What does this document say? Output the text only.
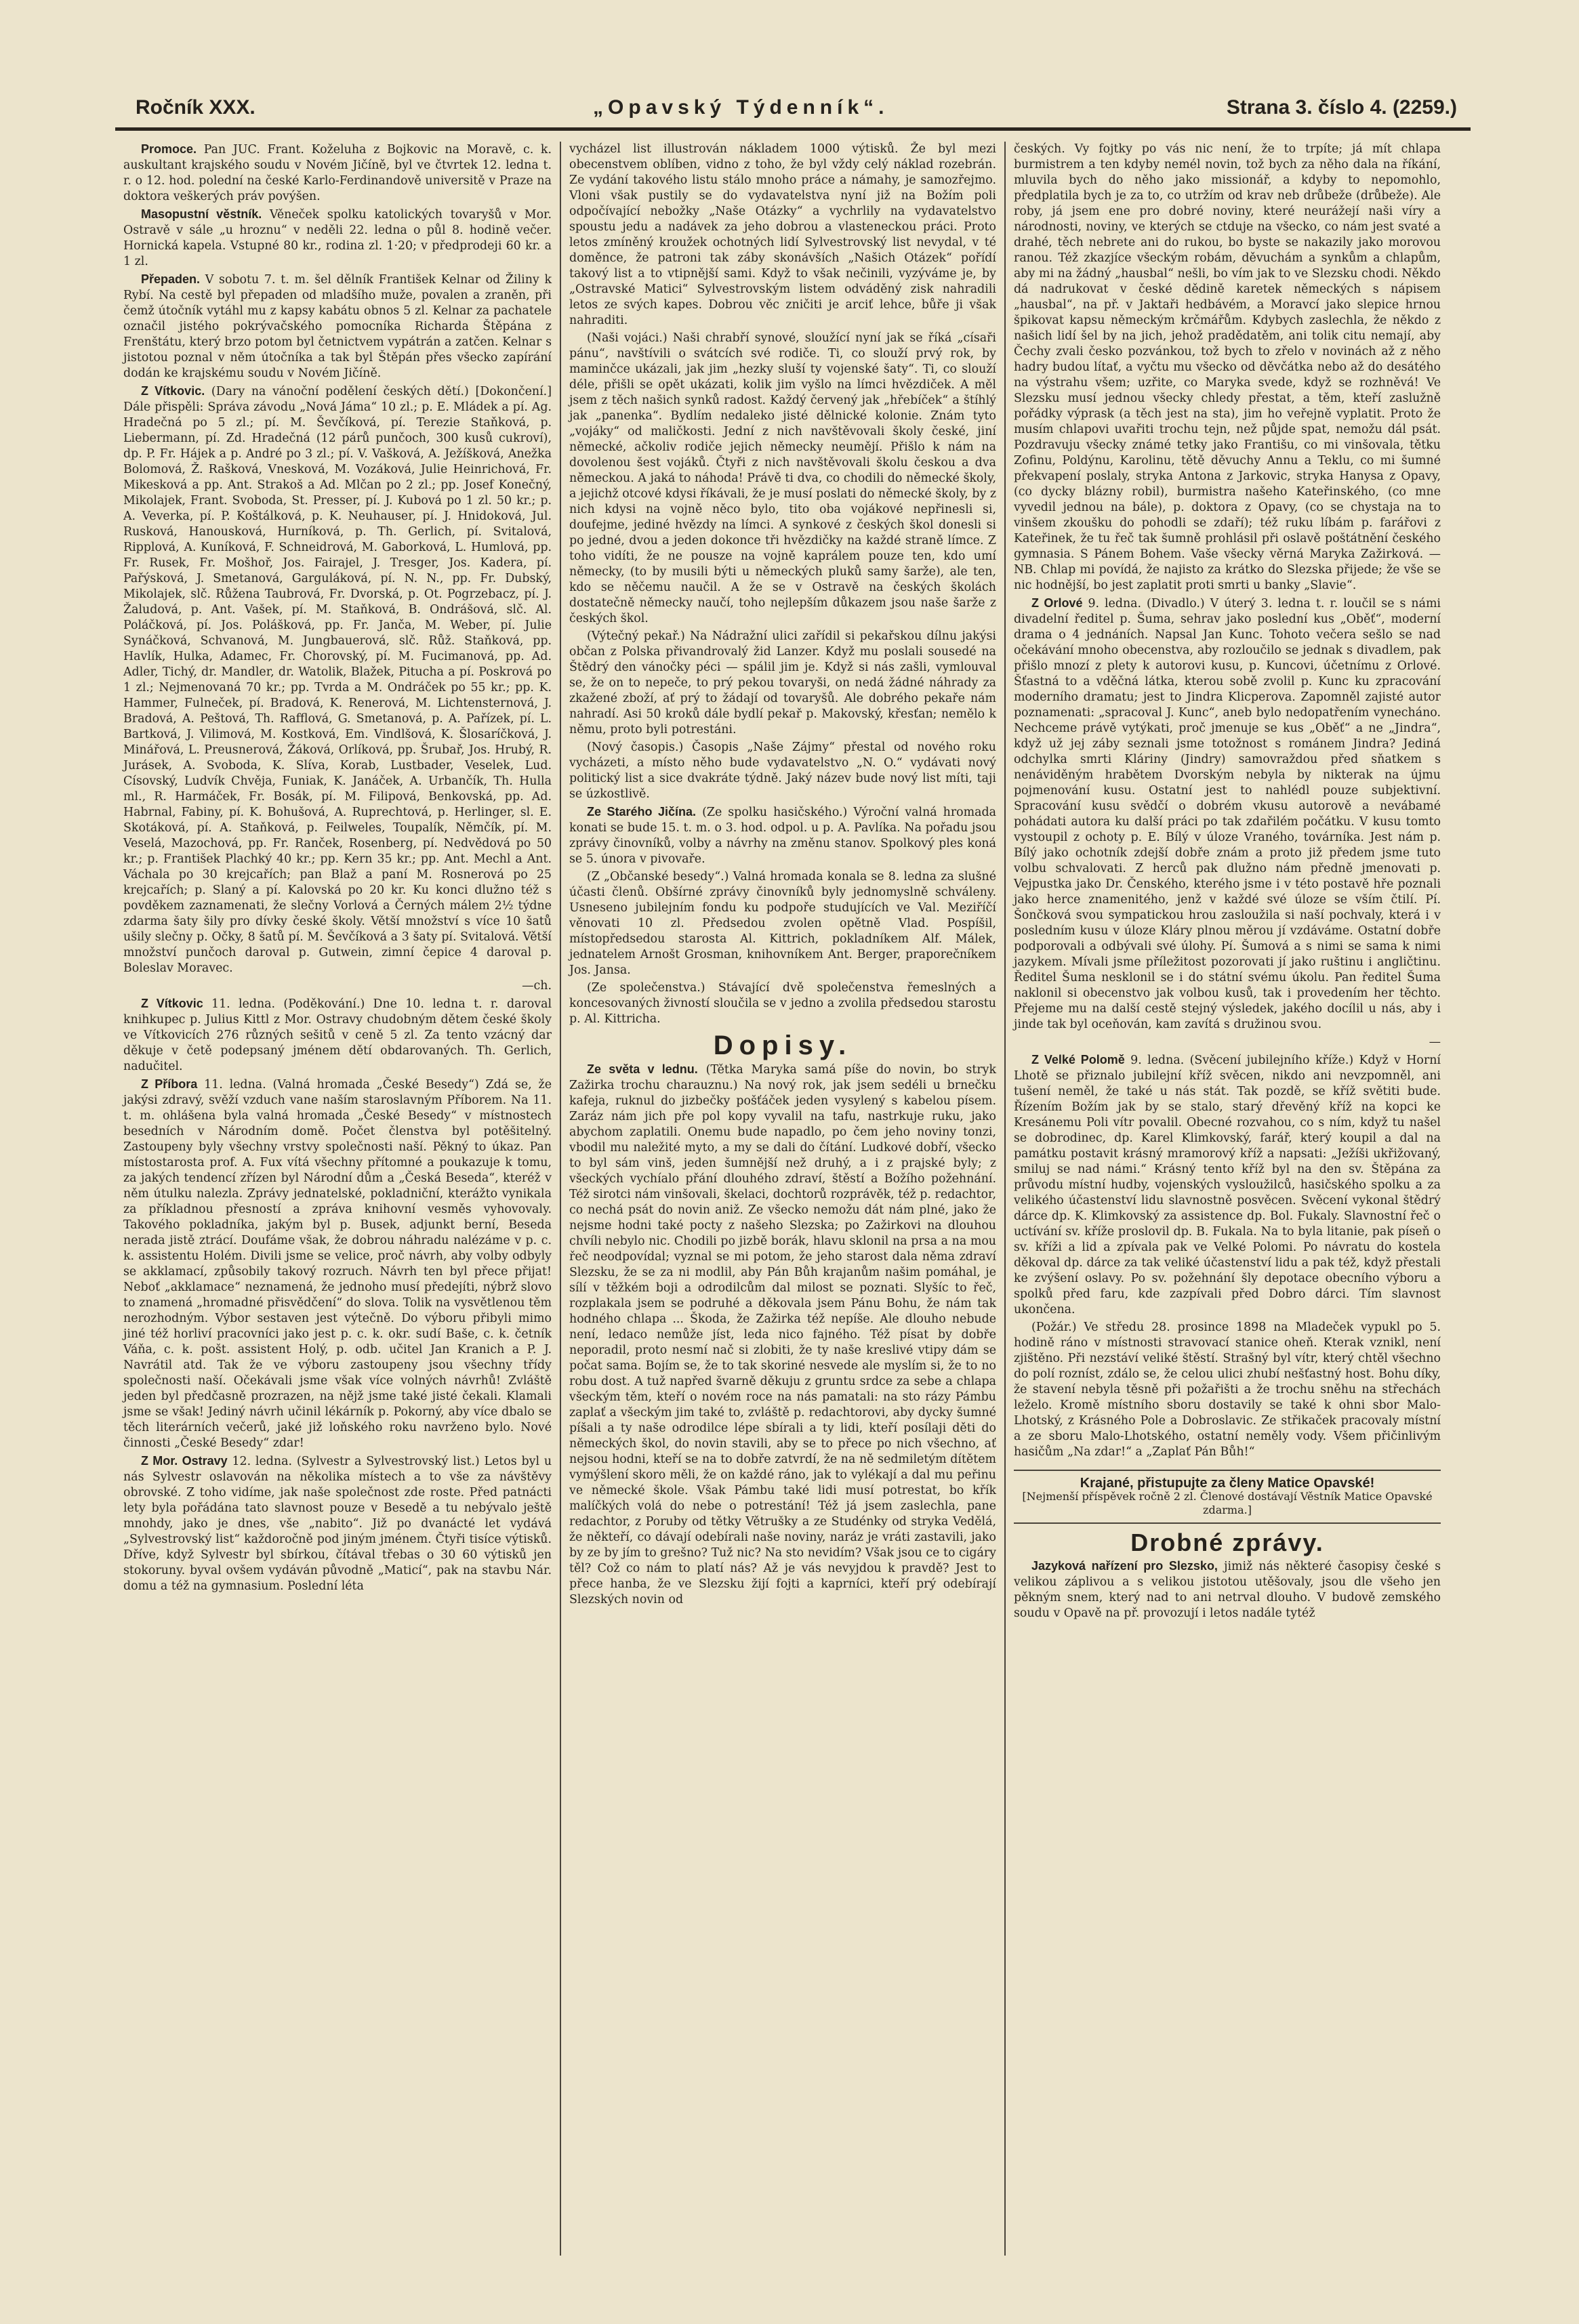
Ročník XXX.	„Opavský Týdenník“.	Strana 3. číslo 4. (2259.)

Promoce. Pan JUC. Frant. Koželuha z Bojkovic na Moravě, c. k. auskultant krajského soudu v Novém Jičíně, byl ve čtvrtek 12. ledna t. r. o 12. hod. polední na české Karlo-Ferdinandově universitě v Praze na doktora veškerých práv povýšen.

Masopustní věstník. Věneček spolku katolických tovaryšů v Mor. Ostravě v sále „u hroznu“ v neděli 22. ledna o půl 8. hodině večer. Hornická kapela. Vstupné 80 kr., rodina zl. 1·20; v předprodeji 60 kr. a 1 zl.

Přepaden. V sobotu 7. t. m. šel dělník František Kelnar od Žiliny k Rybí. Na cestě byl přepaden od mladšího muže, povalen a zraněn, při čemž útočník vytáhl mu z kapsy kabátu obnos 5 zl. Kelnar za pachatele označil jistého pokrývačského pomocníka Richarda Štěpána z Frenštátu, který brzo potom byl četnictvem vypátrán a zatčen. Kelnar s jistotou poznal v něm útočníka a tak byl Štěpán přes všecko zapírání dodán ke krajskému soudu v Novém Jičíně.

Z Vítkovic. (Dary na vánoční podělení českých dětí.) [Dokončení.] Dále přispěli: Správa závodu „Nová Jáma“ 10 zl.; p. E. Mládek a pí. Ag. Hradečná po 5 zl.; pí. M. Ševčíková, pí. Terezie Staňková, p. Liebermann, pí. Zd. Hradečná (12 párů punčoch, 300 kusů cukroví), dp. P. Fr. Hájek a p. André po 3 zl.; pí. V. Vašková, A. Ježíšková, Anežka Bolomová, Ž. Rašková, Vnesková, M. Vozáková, Julie Heinrichová, Fr. Mikesková a pp. Ant. Strakoš a Ad. Mlčan po 2 zl.; pp. Josef Konečný, Mikolajek, Frant. Svoboda, St. Presser, pí. J. Kubová po 1 zl. 50 kr.; p. A. Veverka, pí. P. Koštálková, p. K. Neuhauser, pí. J. Hnidoková, Jul. Rusková, Hanousková, Hurníková, p. Th. Gerlich, pí. Svitalová, Ripplová, A. Kuníková, F. Schneidrová, M. Gaborková, L. Humlová, pp. Fr. Rusek, Fr. Mošhoř, Jos. Fairajel, J. Tresger, Jos. Kadera, pí. Pařýsková, J. Smetanová, Garguláková, pí. N. N., pp. Fr. Dubský, Mikolajek, slč. Růžena Taubrová, Fr. Dvorská, p. Ot. Pogrzebacz, pí. J. Žaludová, p. Ant. Vašek, pí. M. Staňková, B. Ondrášová, slč. Al. Poláčková, pí. Jos. Polášková, pp. Fr. Janča, M. Weber, pí. Julie Synáčková, Schvanová, M. Jungbauerová, slč. Růž. Staňková, pp. Havlík, Hulka, Adamec, Fr. Chorovský, pí. M. Fucimanová, pp. Ad. Adler, Tichý, dr. Mandler, dr. Watolik, Blažek, Pitucha a pí. Poskrová po 1 zl.; Nejmenovaná 70 kr.; pp. Tvrda a M. Ondráček po 55 kr.; pp. K. Hammer, Fulneček, pí. Bradová, K. Renerová, M. Lichtensternová, J. Bradová, A. Peštová, Th. Rafflová, G. Smetanová, p. A. Pařízek, pí. L. Bartková, J. Vilimová, M. Kostková, Em. Vindlšová, K. Šlosaríčková, J. Minářová, L. Preusnerová, Žáková, Orlíková, pp. Šrubař, Jos. Hrubý, R. Jurásek, A. Svoboda, K. Slíva, Korab, Lustbader, Veselek, Lud. Císovský, Ludvík Chvěja, Funiak, K. Janáček, A. Urbančík, Th. Hulla ml., R. Harmáček, Fr. Bosák, pí. M. Filipová, Benkovská, pp. Ad. Habrnal, Fabiny, pí. K. Bohušová, A. Ruprechtová, p. Herlinger, sl. E. Skotáková, pí. A. Staňková, p. Feilweles, Toupalík, Němčík, pí. M. Veselá, Mazochová, pp. Fr. Ranček, Rosenberg, pí. Nedvědová po 50 kr.; p. František Plachký 40 kr.; pp. Kern 35 kr.; pp. Ant. Mechl a Ant. Váchala po 30 krejcařích; pan Blaž a paní M. Rosnerová po 25 krejcařích; p. Slaný a pí. Kalovská po 20 kr. Ku konci dlužno též s povděkem zaznamenati, že slečny Vorlová a Černých málem 2½ týdne zdarma šaty šily pro dívky české školy. Větší množství s více 10 šatů ušily slečny p. Očky, 8 šatů pí. M. Ševčíková a 3 šaty pí. Svitalová. Větší množství punčoch daroval p. Gutwein, zimní čepice 4 daroval p. Boleslav Moravec.

—ch.

Z Vítkovic 11. ledna. (Poděkování.) Dne 10. ledna t. r. daroval knihkupec p. Julius Kittl z Mor. Ostravy chudobným dětem české školy ve Vítkovicích 276 různých sešitů v ceně 5 zl. Za tento vzácný dar děkuje v četě podepsaný jménem dětí obdarovaných. Th. Gerlich, nadučitel.

Z Příbora 11. ledna. (Valná hromada „České Besedy“) Zdá se, že jakýsi zdravý, svěží vzduch vane naším staroslavným Příborem. Na 11. t. m. ohlášena byla valná hromada „České Besedy“ v místnostech besedních v Národním domě. Počet členstva byl potěšitelný. Zastoupeny byly všechny vrstvy společnosti naší. Pěkný to úkaz. Pan místostarosta prof. A. Fux vítá všechny přítomné a poukazuje k tomu, za jakých tendencí zřízen byl Národní dům a „Česká Beseda“, kteréž v něm útulku nalezla. Zprávy jednatelské, pokladniční, kterážto vynikala za příkladnou přesností a zpráva knihovní vesměs vyhovovaly. Takového pokladníka, jakým byl p. Busek, adjunkt berní, Beseda nerada jistě ztrácí. Doufáme však, že dobrou náhradu nalézáme v p. c. k. assistentu Holém. Divili jsme se velice, proč návrh, aby volby odbyly se akklamací, způsobily takový rozruch. Návrh ten byl přece přijat! Neboť „akklamace“ neznamená, že jednoho musí předejíti, nýbrž slovo to znamená „hromadné přisvědčení“ do slova. Tolik na vysvětlenou těm nerozhodným. Výbor sestaven jest výtečně. Do výboru přibyli mimo jiné též horliví pracovníci jako jest p. c. k. okr. sudí Baše, c. k. četník Váňa, c. k. pošt. assistent Holý, p. odb. učitel Jan Kranich a P. J. Navrátil atd. Tak že ve výboru zastoupeny jsou všechny třídy společnosti naší. Očekávali jsme však více volných návrhů! Zvláště jeden byl předčasně prozrazen, na nějž jsme také jisté čekali. Klamali jsme se však! Jediný návrh učinil lékárník p. Pokorný, aby více dbalo se těch literárních večerů, jaké již loňského roku navrženo bylo. Nové činnosti „České Besedy“ zdar!

Z Mor. Ostravy 12. ledna. (Sylvestr a Sylvestrovský list.) Letos byl u nás Sylvestr oslavován na několika místech a to vše za návštěvy obrovské. Z toho vidíme, jak naše společnost zde roste. Před patnácti lety byla pořádána tato slavnost pouze v Besedě a tu nebývalo ještě mnohdy, jako je dnes, vše „nabito“. Již po dvanácté let vydává „Sylvestrovský list“ každoročně pod jiným jménem. Čtyři tisíce výtisků. Dříve, když Sylvestr byl sbírkou, čítával třebas o 30 60 výtisků jen stokoruny. byval ovšem vydáván původně „Maticí“, pak na stavbu Nár. domu a též na gymnasium. Poslední léta

vycházel list illustrován nákladem 1000 výtisků. Že byl mezi obecenstvem oblíben, vidno z toho, že byl vždy celý náklad rozebrán. Ze vydání takového listu stálo mnoho práce a námahy, je samozřejmo. Vloni však pustily se do vydavatelstva nyní již na Božím poli odpočívající nebožky „Naše Otázky“ a vychrlily na vydavatelstvo spoustu jedu a nadávek za jeho dobrou a vlasteneckou práci. Proto letos zmíněný kroužek ochotných lidí Sylvestrovský list nevydal, v té doměnce, že patroni tak záby skonávších „Našich Otázek“ pořídí takový list a to vtipnější sami. Když to však nečinili, vyzýváme je, by „Ostravské Matici“ Sylvestrovským listem odváděný zisk nahradili letos ze svých kapes. Dobrou věc zničiti je arciť lehce, bůře ji však nahraditi.

(Naši vojáci.) Naši chrabří synové, sloužící nyní jak se říká „císaři pánu“, navštívili o svátcích své rodiče. Ti, co slouží prvý rok, by maminčce ukázali, jak jim „hezky sluší ty vojenské šaty“. Ti, co slouží déle, přišli se opět ukázati, kolik jim vyšlo na límci hvězdiček. A měl jsem z těch našich synků radost. Každý červený jak „hřebíček“ a štíhlý jak „panenka“. Bydlím nedaleko jisté dělnické kolonie. Znám tyto „vojáky“ od maličkosti. Jední z nich navštěvovali školy české, jiní německé, ačkoliv rodiče jejich německy neumějí. Přišlo k nám na dovolenou šest vojáků. Čtyři z nich navštěvovali školu českou a dva německou. A jaká to náhoda! Právě ti dva, co chodili do německé školy, a jejichž otcové kdysi říkávali, že je musí poslati do německé školy, by z nich kdysi na vojně něco bylo, tito oba vojákové nepřinesli si, doufejme, jediné hvězdy na límci. A synkové z českých škol donesli si po jedné, dvou a jeden dokonce tři hvězdičky na každé straně límce. Z toho vidíti, že ne pousze na vojně kaprálem pouze ten, kdo umí německy, (to by musili býti u německých pluků samy šarže), ale ten, kdo se něčemu naučil. A že se v Ostravě na českých školách dostatečně německy naučí, toho nejlepším důkazem jsou naše šarže z českých škol.

(Výtečný pekař.) Na Nádražní ulici zařídil si pekařskou dílnu jakýsi občan z Polska přivandrovalý žid Lanzer. Když mu poslali sousedé na Štědrý den vánočky péci — spálil jim je. Když si nás zašli, vymlouval se, že on to nepeče, to prý pekou tovaryši, on nedá žádné náhrady za zkažené zboží, ať prý to žádají od tovaryšů. Ale dobrého pekaře nám nahradí. Asi 50 kroků dále bydlí pekař p. Makovský, křesťan; nemělo k němu, proto byli potrestáni.

(Nový časopis.) Časopis „Naše Zájmy“ přestal od nového roku vycházeti, a místo něho bude vydavatelstvo „N. O.“ vydávati nový politický list a sice dvakráte týdně. Jaký název bude nový list míti, taji se úzkostlivě.

Ze Starého Jičína. (Ze spolku hasičského.) Výroční valná hromada konati se bude 15. t. m. o 3. hod. odpol. u p. A. Pavlíka. Na pořadu jsou zprávy činovníků, volby a návrhy na změnu stanov. Spolkový ples koná se 5. února v pivovaře.

(Z „Občanské besedy“.) Valná hromada konala se 8. ledna za slušné účasti členů. Obšírné zprávy činovníků byly jednomyslně schváleny. Usneseno jubilejním fondu ku podpoře studujících ve Val. Meziříčí věnovati 10 zl. Předsedou zvolen opětně Vlad. Pospíšil, místopředsedou starosta Al. Kittrich, pokladníkem Alf. Málek, jednatelem Arnošt Grosman, knihovníkem Ant. Berger, praporečníkem Jos. Jansa.

(Ze společenstva.) Stávající dvě společenstva řemeslných a koncesovaných živností sloučila se v jedno a zvolila předsedou starostu p. Al. Kittricha.

Dopisy.

Ze světa v lednu. (Tětka Maryka samá píše do novin, bo stryk Zažirka trochu charauznu.) Na nový rok, jak jsem sedéli u brnečku kafeja, ruknul do jizbečky pošťáček jeden vysylený s kabelou písem. Zaráz nám jich pře pol kopy vyvalil na tafu, nastrkuje ruku, jako abychom zaplatili. Onemu bude napadlo, po čem jeho noviny tonzi, vbodil mu naležité myto, a my se dali do čítání. Ludkové dobří, všecko to byl sám vinš, jeden šumnější než druhý, a i z prajské byly; z všeckých vychíalo přání dlouhého zdraví, štěstí a Božího požehnání. Též sirotci nám vinšovali, škelaci, dochtorů rozprávěk, též p. redachtor, co nechá psát do novin aniž. Ze všecko nemožu dát nám plné, jako že nejsme hodni také pocty z našeho Slezska; po Zažirkovi na dlouhou chvíli nebylo nic. Chodili po jizbě borák, hlavu sklonil na prsa a na mou řeč neodpovídal; vyznal se mi potom, že jeho starost dala něma zdraví Slezsku, že se za ni modlil, aby Pán Bůh krajanům našim pomáhal, je sílí v těžkém boji a odrodilcům dal milost se poznati. Slyšíc to řeč, rozplakala jsem se podruhé a děkovala jsem Pánu Bohu, že nám tak hodného chlapa ... Škoda, že Zažirka též nepíše. Ale dlouho nebude není, ledaco nemůže jíst, leda nico fajného. Též písat by dobře neporadil, proto nesmí nač si zlobiti, že ty naše kreslivé vtipy dám se počat sama. Bojím se, že to tak skoriné nesvede ale myslím si, že to no robu dost. A tuž napřed švarně děkuju z gruntu srdce za sebe a chlapa všeckým těm, kteří o novém roce na nás pamatali: na sto rázy Pámbu zaplať a všeckým jim také to, zvláště p. redachtorovi, aby dycky šumné píšali a ty naše odrodilce lépe sbírali a ty lidi, kteří posílaji děti do německých škol, do novin stavili, aby se to přece po nich všechno, ať nejsou hodni, kteří se na to dobře zatvrdí, že na ně sedmiletým dítětem vymýšlení skoro měli, že on každé ráno, jak to vylékají a dal mu peřinu ve německé škole. Však Pámbu také lidi musí potrestat, bo křík malíčkých volá do nebe o potrestání! Též já jsem zaslechla, pane redachtor, z Poruby od tětky Větrušky a ze Studénky od stryka Vedělá, že někteří, co dávají odebírali naše noviny, naráz je vráti zastavili, jako by ze by jím to grešno? Tuž nic? Na sto nevidím? Však jsou ce to cigáry těl? Což co nám to platí nás? Až je vás nevyjdou k pravdě? Jest to přece hanba, že ve Slezsku žijí fojti a kaprníci, kteří prý odebírají Slezských novin od

českých. Vy fojtky po vás nic není, že to trpíte; já mít chlapa burmistrem a ten kdyby nemél novin, tož bych za něho dala na říkání, mluvila bych do něho jako missionář, a kdyby to nepomohlo, předplatila bych je za to, co utržím od krav neb drůbeže (drůbeže). Ale roby, já jsem ene pro dobré noviny, které neurážejí naši víry a národnosti, noviny, ve kterých se ctduje na všecko, co nám jest svaté a drahé, těch nebrete ani do rukou, bo byste se nakazily jako morovou ranou. Též zkazjíce všeckým robám, děvuchám a synkům a chlapům, aby mi na žádný „hausbal“ nešli, bo vím jak to ve Slezsku chodi. Někdo dá nadrukovat v české dědině karetek německých s nápisem „hausbal“, na př. v Jaktaři hedbávém, a Moravcí jako slepice hrnou špikovat kapsu německým krčmářům. Kdybych zaslechla, že někdo z našich lidí šel by na jich, jehož pradědatěm, ani tolik citu nemají, aby Čechy zvali česko pozvánkou, tož bych to zřelo v novinách až z něho hadry budou lítať, a vyčtu mu všecko od děvčátka nebo až do desátého na výstrahu všem; uzřite, co Maryka svede, když se rozhněvá! Ve Slezsku musí jednou všecky chledy přestat, a těm, kteří zaslužně pořádky výprask (a těch jest na sta), jim ho veřejně vyplatit. Proto že musím chlapovi uvařiti trochu tejn, než půjde spat, nemožu dál psát. Pozdravuju všecky známé tetky jako Františu, co mi vinšovala, tětku Zofinu, Poldýnu, Karolinu, tětě děvuchy Annu a Teklu, co mi šumné překvapení poslaly, stryka Antona z Jarkovic, stryka Hanysa z Opavy, (co dycky blázny robil), burmistra našeho Kateřinského, (co mne vyvedil jednou na bále), p. doktora z Opavy, (co se chystaja na to vinšem zkoušku do pohodli se zdaří); též ruku líbám p. farářovi z Kateřinek, že tu řeč tak šumně prohlásil při oslavě poštátnění českého gymnasia. S Pánem Bohem. Vaše všecky věrná Maryka Zažirková. — NB. Chlap mi povídá, že najisto za krátko do Slezska přijede; že vše se nic hodnější, bo jest zaplatit proti smrti u banky „Slavie“.

Z Orlové 9. ledna. (Divadlo.) V úterý 3. ledna t. r. loučil se s námi divadelní ředitel p. Šuma, sehrav jako poslední kus „Oběť“, moderní drama o 4 jednáních. Napsal Jan Kunc. Tohoto večera sešlo se nad očekávání mnoho obecenstva, aby rozloučilo se jednak s divadlem, pak přišlo mnozí z plety k autorovi kusu, p. Kuncovi, účetnímu z Orlové. Šťastná to a vděčná látka, kterou sobě zvolil p. Kunc ku zpracování moderního dramatu; jest to Jindra Klicperova. Zapomněl zajisté autor poznamenati: „spracoval J. Kunc“, aneb bylo nedopatřením vynecháno. Nechceme právě vytýkati, proč jmenuje se kus „Oběť“ a ne „Jindra“, když už jej záby seznali jsme totožnost s románem Jindra? Jediná odchylka smrti Kláriny (Jindry) samovraždou před sňatkem s nenáviděným hrabětem Dvorským nebyla by nikterak na újmu pojmenování kusu. Ostatní jest to nahlédl pouze subjektivní. Spracování kusu svědčí o dobrém vkusu autorově a nevábamé pohádati autora ku další práci po tak zdařilém počátku. V kusu tomto vystoupil z ochoty p. E. Bílý v úloze Vraného, továrníka. Jest nám p. Bílý jako ochotník zdejší dobře znám a proto již předem jsme tuto volbu schvalovati. Z herců pak dlužno nám předně jmenovati p. Vejpustka jako Dr. Čenského, kterého jsme i v této postavě hře poznali jako herce znamenitého, jenž v každé své úloze se vším čtilí. Pí. Šončková svou sympatickou hrou zasloužila si naší pochvaly, která i v posledním kusu v úloze Kláry plnou měrou jí vzdáváme. Ostatní dobře podporovali a odbývali své úlohy. Pí. Šumová a s nimi se sama k nimi jazykem. Mívali jsme příležitost pozorovati jí jako ruštinu i angličtinu. Ředitel Šuma nesklonil se i do státní svému úkolu. Pan ředitel Šuma naklonil si obecenstvo jak volbou kusů, tak i provedením her těchto. Přejeme mu na další cestě stejný výsledek, jakého docílil u nás, aby i jinde tak byl oceňován, kam zavítá s družinou svou.

—

Z Velké Polomě 9. ledna. (Svěcení jubilejního kříže.) Když v Horní Lhotě se přiznalo jubilejní kříž svěcen, nikdo ani nevzpomněl, ani tušení neměl, že také u nás stát. Tak pozdě, se kříž světiti bude. Řízením Božím jak by se stalo, starý dřevěný kříž na kopci ke Kresánemu Poli vítr povalil. Obecné rozvahou, co s ním, když tu našel se dobrodinec, dp. Karel Klimkovský, farář, který koupil a dal na památku postavit krásný mramorový kříž a napsati: „Ježíši ukřižovaný, smiluj se nad námi.“ Krásný tento kříž byl na den sv. Štěpána za průvodu místní hudby, vojenských vysloužilců, hasičského spolku a za velikého účastenství lidu slavnostně posvěcen. Svěcení vykonal štědrý dárce dp. K. Klimkovský za assistence dp. Bol. Fukaly. Slavnostní řeč o uctívání sv. kříže proslovil dp. B. Fukala. Na to byla litanie, pak píseň o sv. kříži a lid a zpívala pak ve Velké Polomi. Po návratu do kostela děkoval dp. dárce za tak veliké účastenství lidu a pak též, když přestali ke zvýšení oslavy. Po sv. požehnání šly depotace obecního výboru a spolků před faru, kde zazpívali před Dobro dárci. Tím slavnost ukončena.

(Požár.) Ve středu 28. prosince 1898 na Mladeček vypukl po 5. hodině ráno v místnosti stravovací stanice oheň. Kterak vznikl, není zjištěno. Při nezstáví veliké štěstí. Strašný byl vítr, který chtěl všechno do polí rozníst, zdálo se, že celou ulici zhubí nešťastný host. Bohu díky, že stavení nebyla těsně při požařišti a že trochu sněhu na střechách leželo. Kromě místního sboru dostavily se také k ohni sbor Malo-Lhotský, z Krásného Pole a Dobroslavic. Ze střikaček pracovaly místní a ze sboru Malo-Lhotského, ostatní neměly vody. Všem přičinlivým hasičům „Na zdar!“ a „Zaplať Pán Bůh!“

Krajané, přistupujte za členy Matice Opavské!
[Nejmenší příspěvek ročně 2 zl. Členové dostávají Věstník Matice Opavské zdarma.]
Drobné zprávy.

Jazyková nařízení pro Slezsko, jimiž nás některé časopisy české s velikou záplivou a s velikou jistotou utěšovaly, jsou dle všeho jen pěkným snem, který nad to ani netrval dlouho. V budově zemského soudu v Opavě na př. provozují i letos nadále tytéž
